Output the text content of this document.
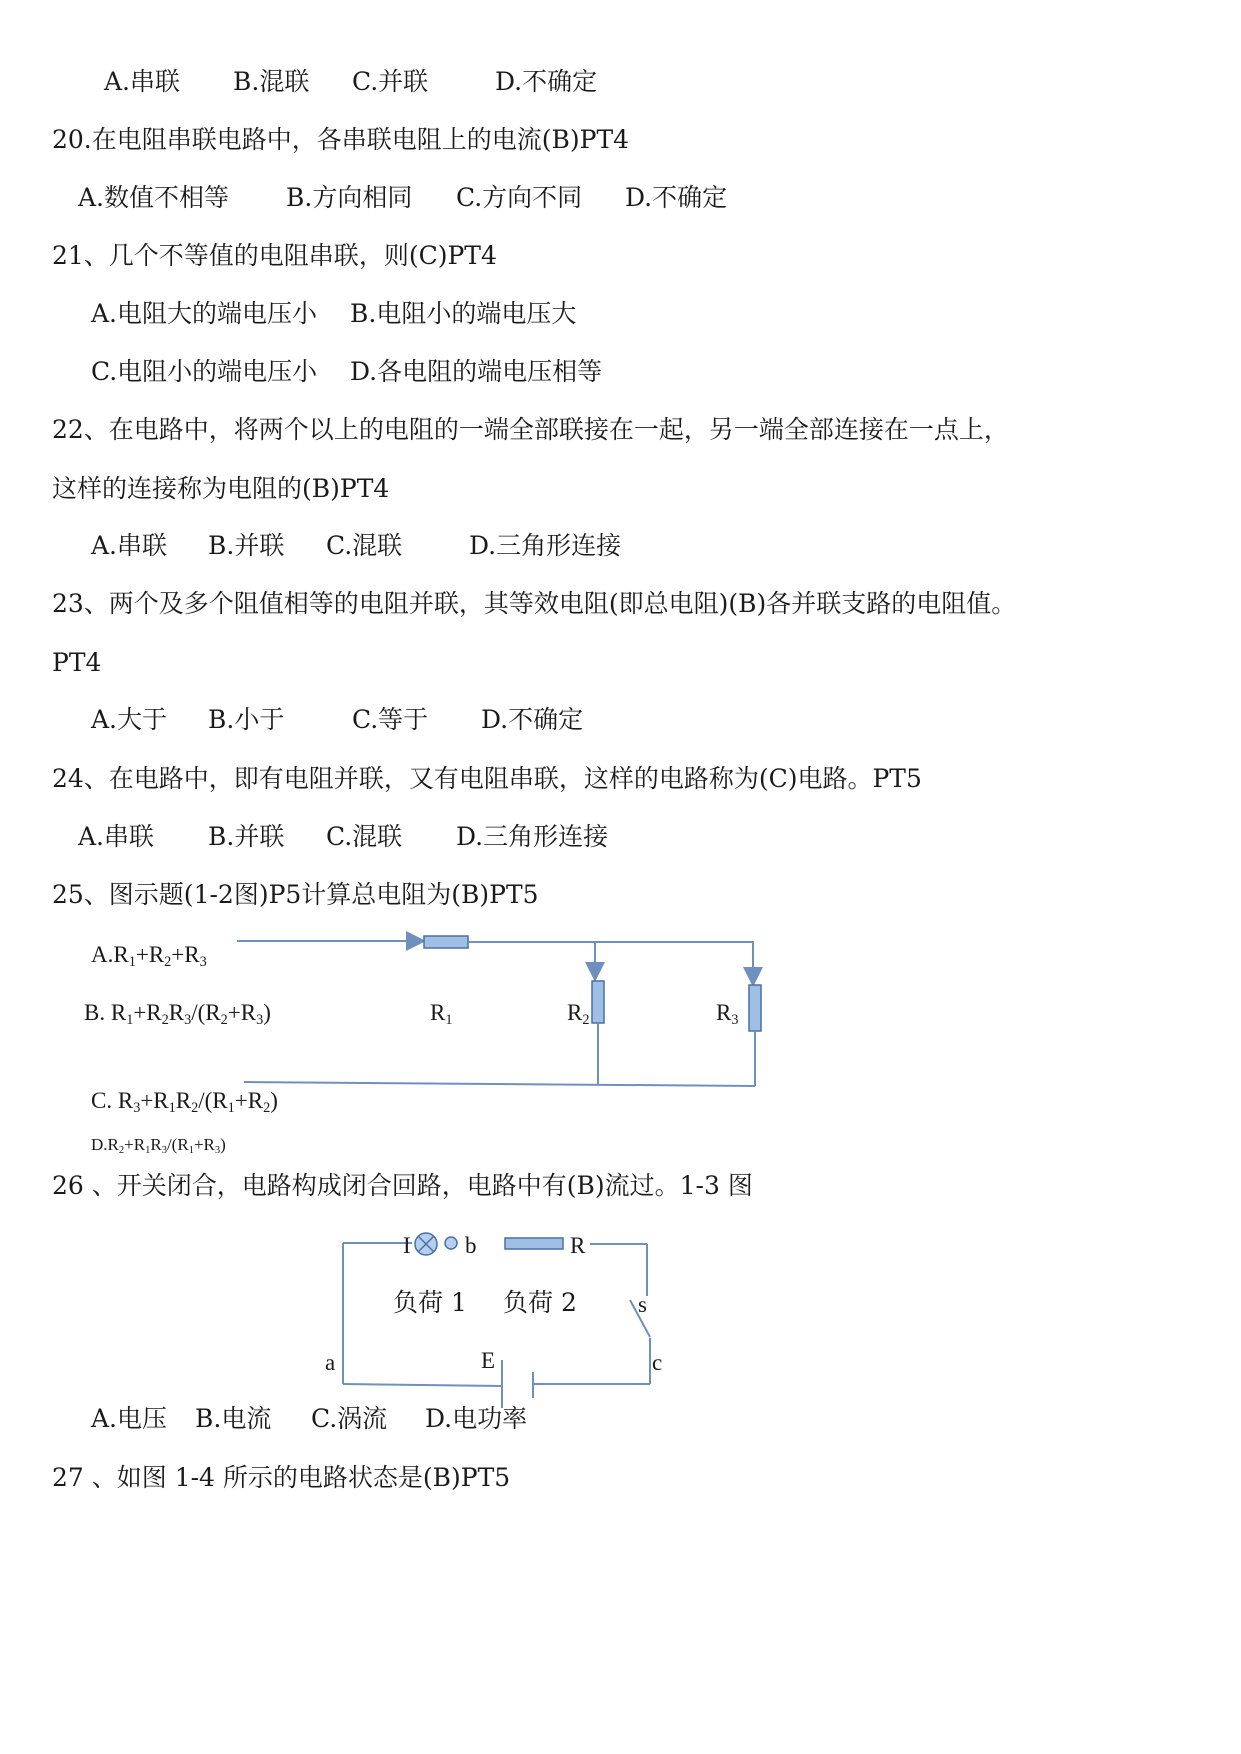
A.串联 B.混联 C.并联	D.不确定
20.在电阻串联电路中，各串联电阻上的电流(B)PT4
A.数值不相等 B.方向相同 C.方向不同 D.不确定
21、几个不等值的电阻串联，则(C)PT4
A.电阻大的端电压小 B.电阻小的端电压大
C.电阻小的端电压小 D.各电阻的端电压相等
22、在电路中，将两个以上的电阻的一端全部联接在一起，另一端全部连接在一点上，
这样的连接称为电阻的(B)PT4
A.串联 B.并联 C.混联	D.三角形连接
23、两个及多个阻值相等的电阻并联，其等效电阻(即总电阻)(B)各并联支路的电阻值。
PT4
A.大于 B.小于	C.等于 D.不确定
24、在电路中，即有电阻并联，又有电阻串联，这样的电路称为(C)电路。PT5
A.串联 B.并联 C.混联 D.三角形连接
25、图示题(1-2图)P5计算总电阻为(B)PT5
$A.R_1+R_2+R_3$
B. $R_1+R_2R_3/(R_2+R_3)$
C. $R_3+R_1R_2/(R_1+R_2)$
$D.R_2+R_1R_3/(R_1+R_3)$
$R_1$	$R_2$	$R_3$
26 、开关闭合，电路构成闭合回路，电路中有(B)流过。1-3 图
I b	R
负荷 1 负荷 2	s
a	E	c
A.电压 B.电流 C.涡流 D.电功率
27 、如图 1-4 所示的电路状态是(B)PT5
